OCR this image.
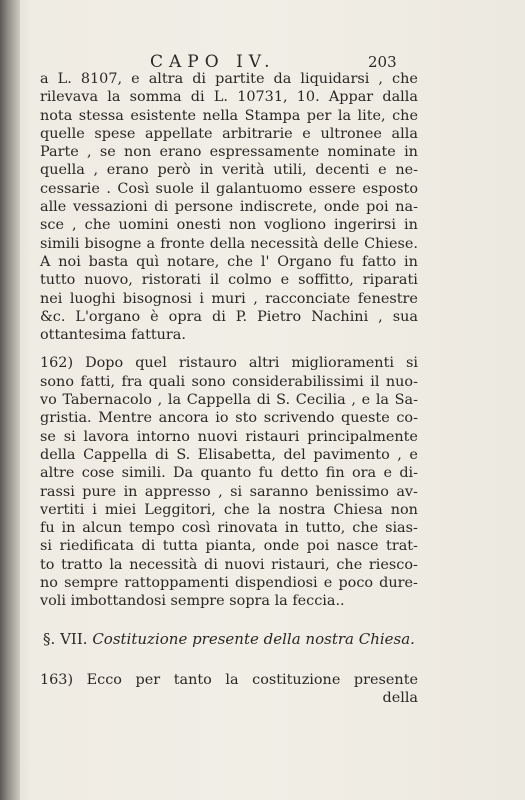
CAPO IV.	203
a L. 8107, e altra di partite da liquidarsi , che
rilevava la somma di L. 10731, 10. Appar dalla
nota stessa esistente nella Stampa per la lite, che
quelle spese appellate arbitrarie e ultronee alla
Parte , se non erano espressamente nominate in
quella , erano però in verità utili, decenti e ne-
cessarie . Così suole il galantuomo essere esposto
alle vessazioni di persone indiscrete, onde poi na-
sce , che uomini onesti non vogliono ingerirsi in
simili bisogne a fronte della necessità delle Chiese.
A noi basta quì notare, che l' Organo fu fatto in
tutto nuovo, ristorati il colmo e soffitto, riparati
nei luoghi bisognosi i muri , racconciate fenestre
&c. L'organo è opra di P. Pietro Nachini , sua
ottantesima fattura.
162) Dopo quel ristauro altri miglioramenti si
sono fatti, fra quali sono considerabilissimi il nuo-
vo Tabernacolo , la Cappella di S. Cecilia , e la Sa-
gristia. Mentre ancora io sto scrivendo queste co-
se si lavora intorno nuovi ristauri principalmente
della Cappella di S. Elisabetta, del pavimento , e
altre cose simili. Da quanto fu detto fin ora e di-
rassi pure in appresso , si saranno benissimo av-
vertiti i miei Leggitori, che la nostra Chiesa non
fu in alcun tempo così rinovata in tutto, che sias-
si riedificata di tutta pianta, onde poi nasce trat-
to tratto la necessità di nuovi ristauri, che riesco-
no sempre rattoppamenti dispendiosi e poco dure-
voli imbottandosi sempre sopra la feccia..
§. VII. Costituzione presente della nostra Chiesa.
163) Ecco per tanto la costituzione presente
della
